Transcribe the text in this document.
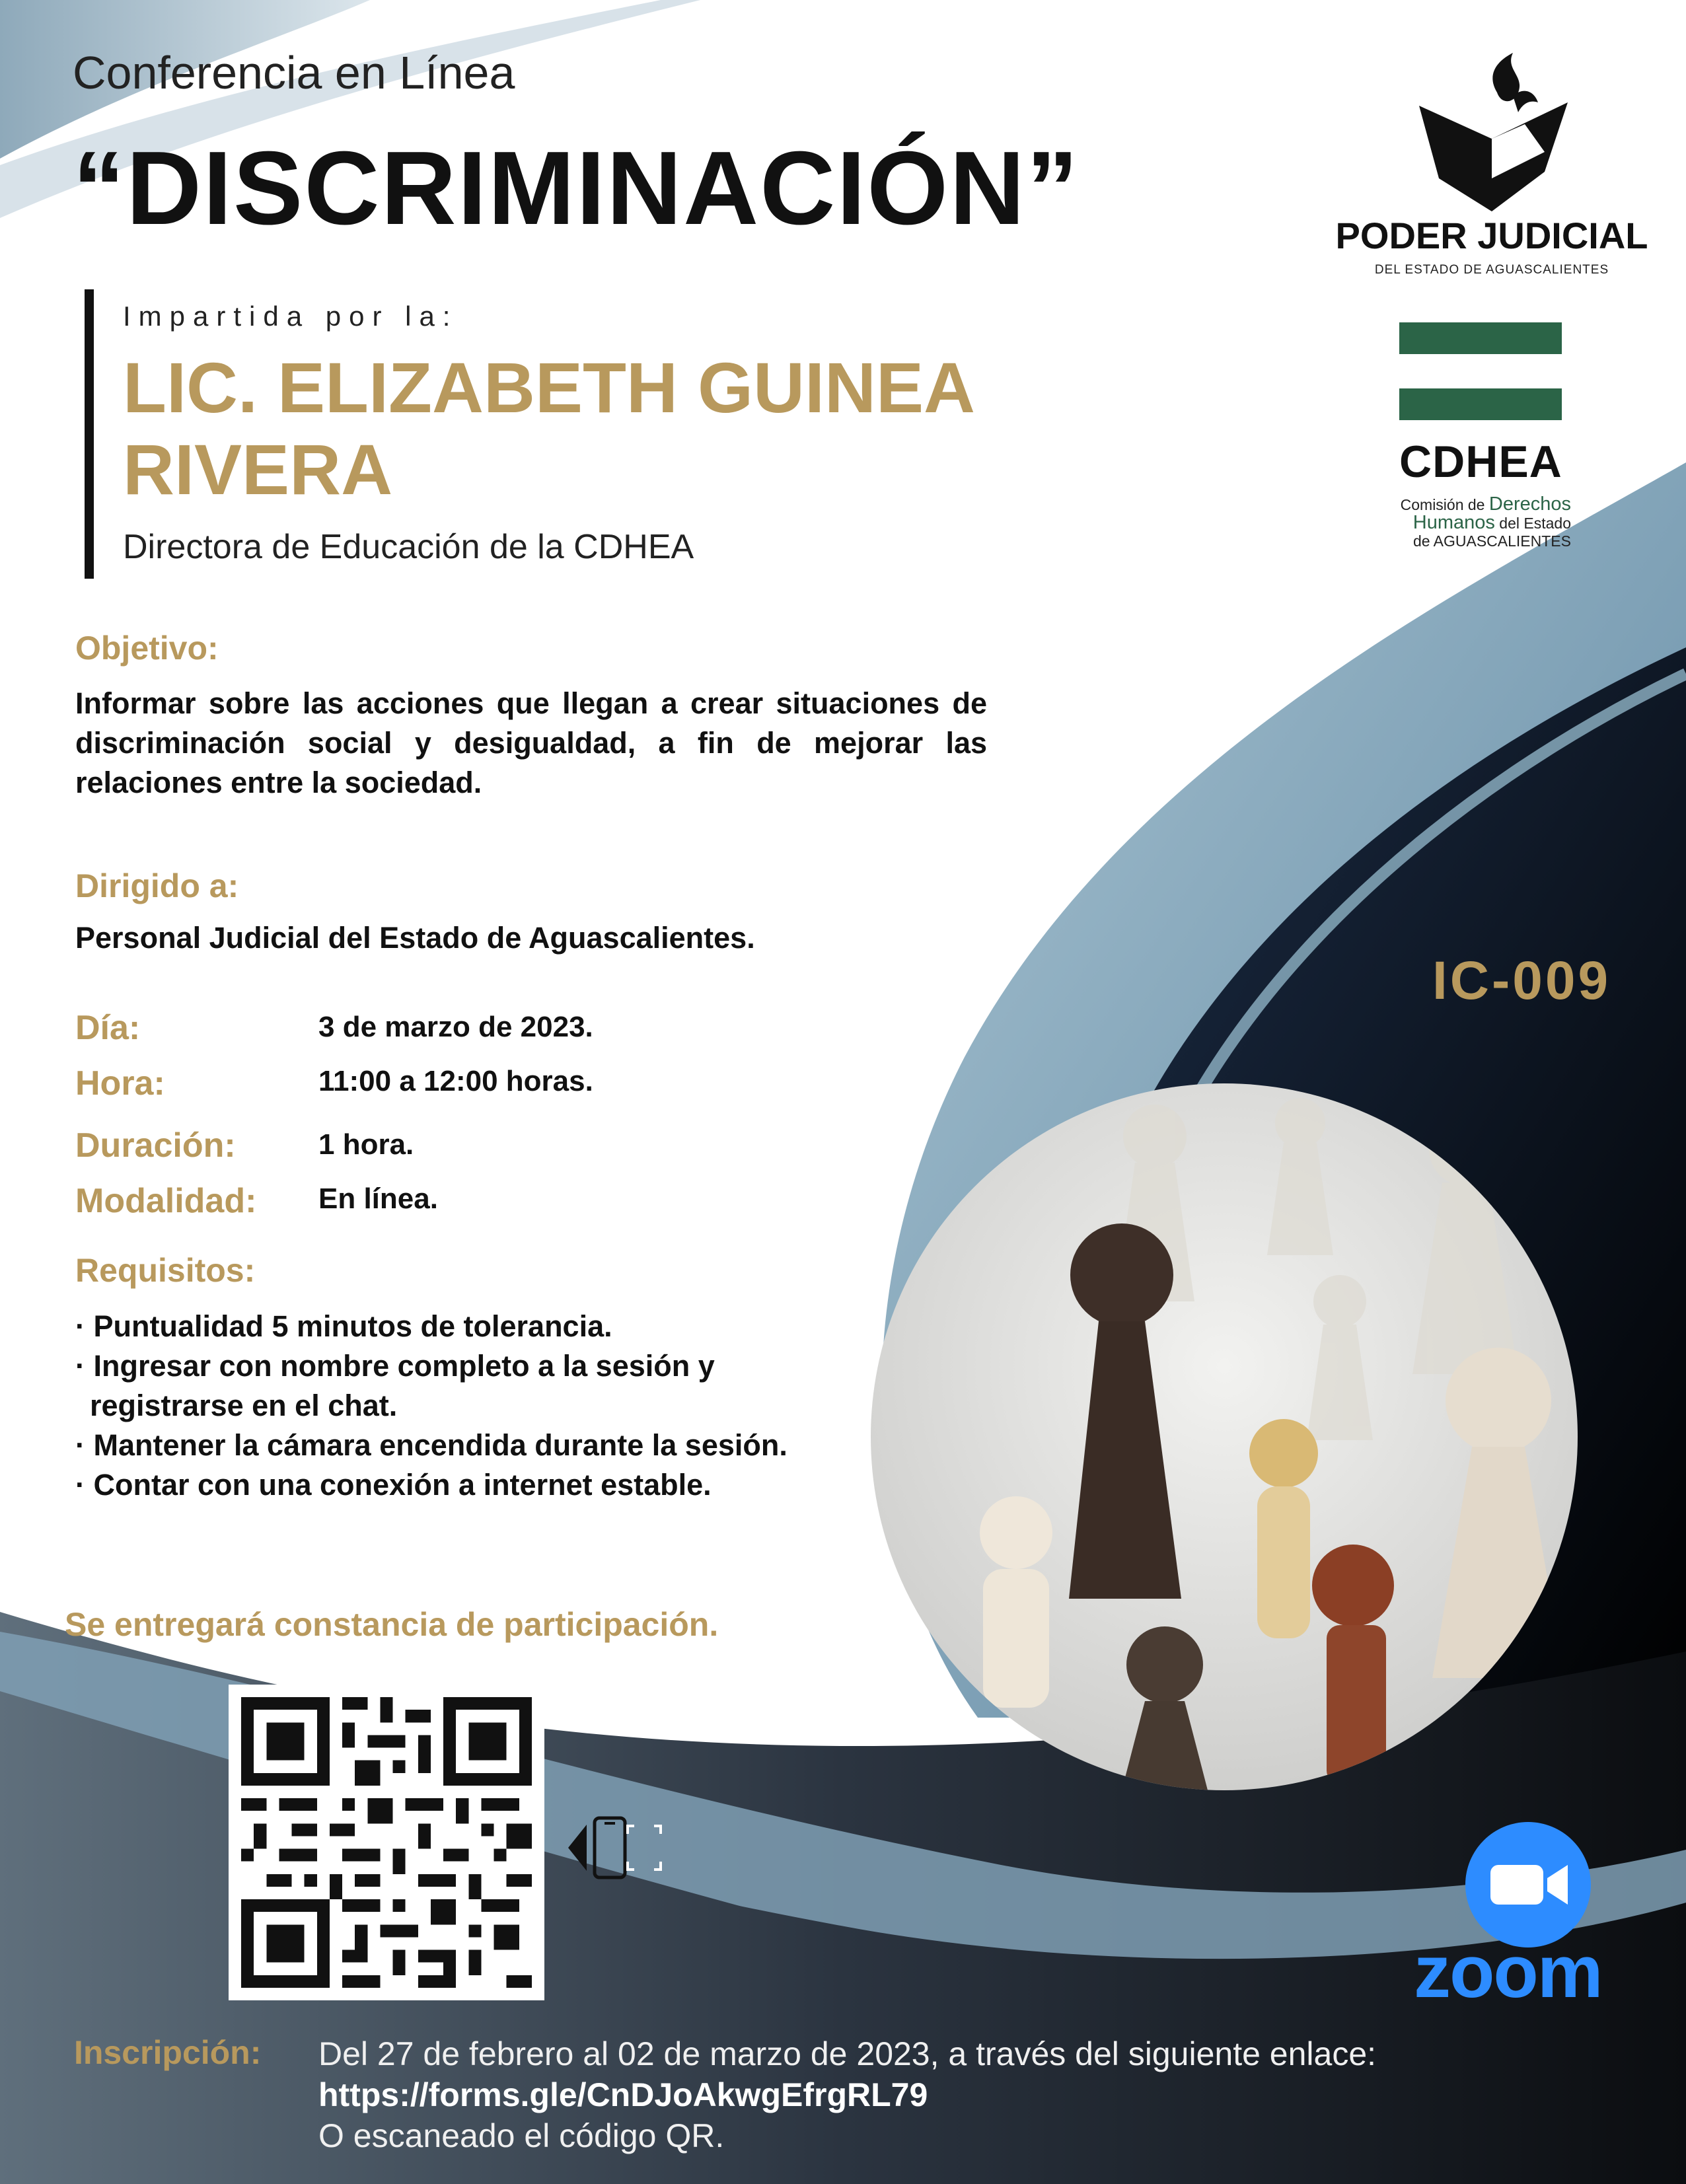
Conferencia en Línea
“DISCRIMINACIÓN”
Impartida por la:
LIC. ELIZABETH GUINEA RIVERA
Directora de Educación de la CDHEA
PODER JUDICIAL
DEL ESTADO DE AGUASCALIENTES
CDHEA
Comisión de Derechos
Humanos del Estado
de AGUASCALIENTES
Objetivo:
Informar sobre las acciones que llegan a crear situaciones de discriminación social y desigualdad, a fin de mejorar las relaciones entre la sociedad.
Dirigido a:
Personal Judicial del Estado de Aguascalientes.
Día:	3 de marzo de 2023.
Hora:	11:00 a 12:00 horas.
Duración:	1 hora.
Modalidad: En línea.
Requisitos:
· Puntualidad 5 minutos de tolerancia.
· Ingresar con nombre completo a la sesión y registrarse en el chat.
· Mantener la cámara encendida durante la sesión.
· Contar con una conexión a internet estable.
Se entregará constancia de participación.
IC-009
zoom
Inscripción: Del 27 de febrero al 02 de marzo de 2023, a través del siguiente enlace:
https://forms.gle/CnDJoAkwgEfrgRL79
O escaneado el código QR.
